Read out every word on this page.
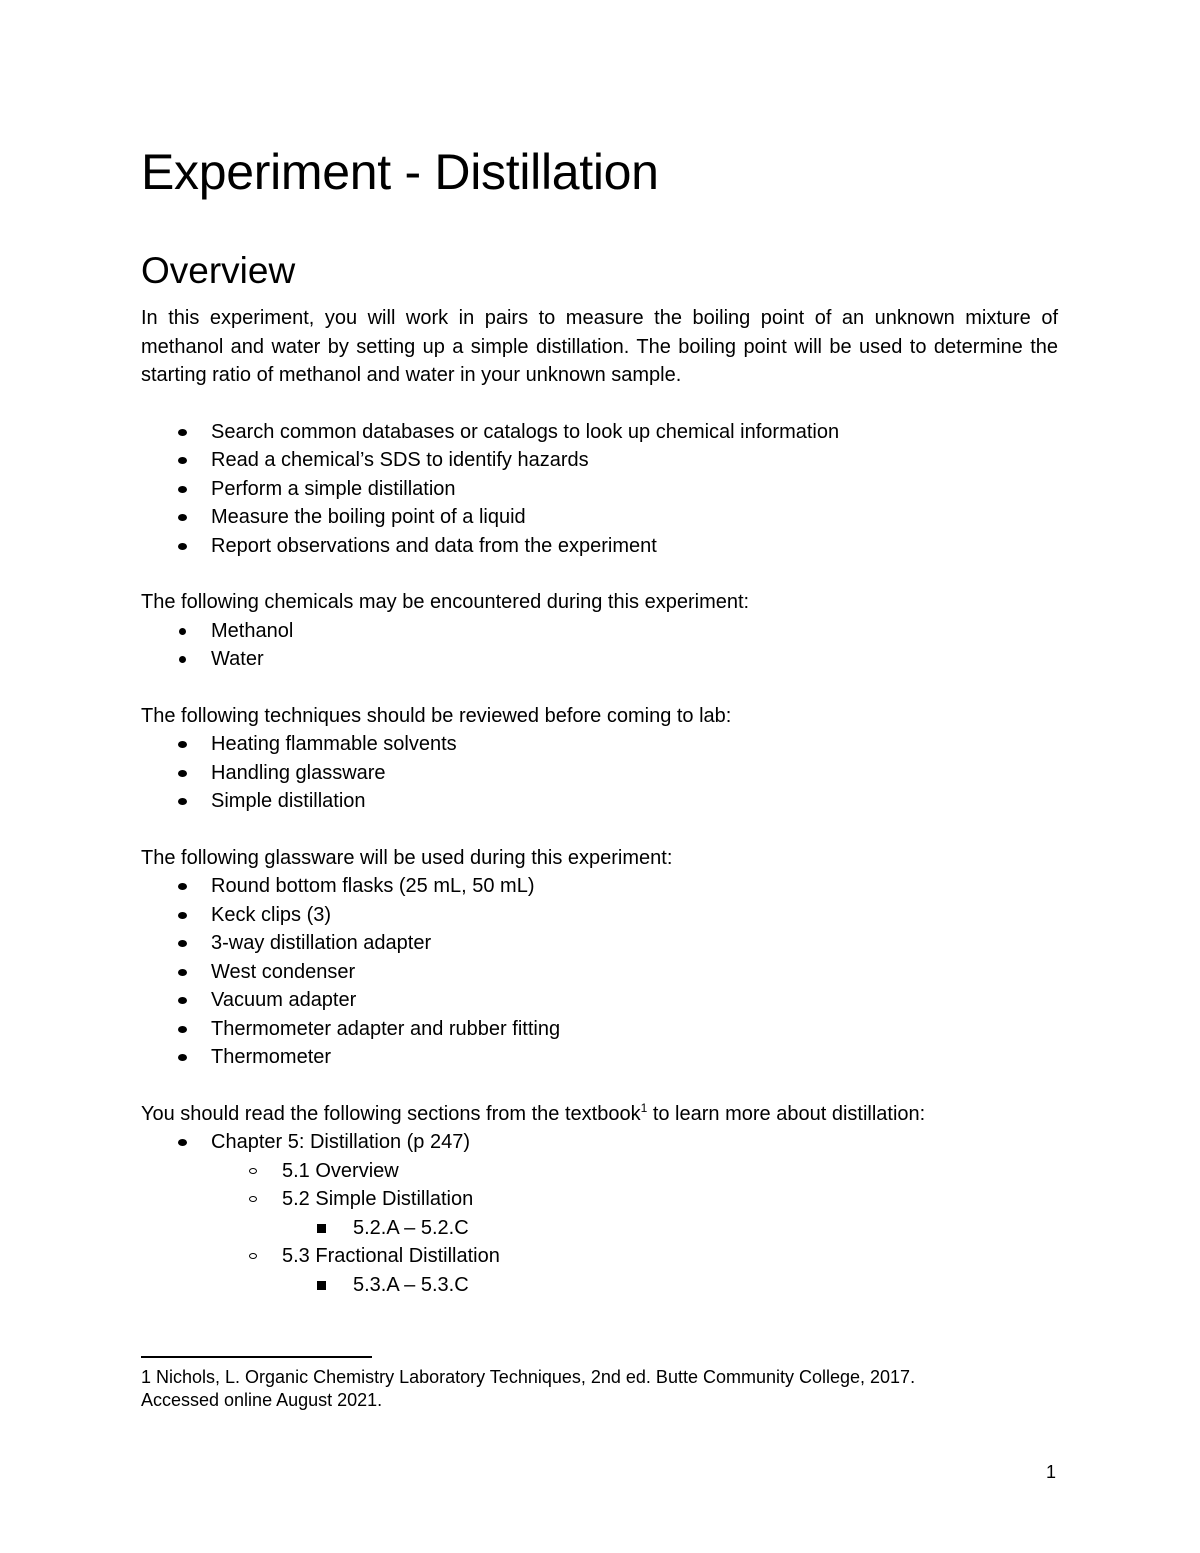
Experiment - Distillation
Overview

In this experiment, you will work in pairs to measure the boiling point of an unknown mixture of methanol and water by setting up a simple distillation. The boiling point will be used to determine the starting ratio of methanol and water in your unknown sample.

Search common databases or catalogs to look up chemical information
Read a chemical’s SDS to identify hazards
Perform a simple distillation
Measure the boiling point of a liquid
Report observations and data from the experiment

The following chemicals may be encountered during this experiment:

Methanol
Water

The following techniques should be reviewed before coming to lab:

Heating flammable solvents
Handling glassware
Simple distillation

The following glassware will be used during this experiment:

Round bottom flasks (25 mL, 50 mL)
Keck clips (3)
3-way distillation adapter
West condenser
Vacuum adapter
Thermometer adapter and rubber fitting
Thermometer

You should read the following sections from the textbook$^1$ to learn more about distillation:

Chapter 5: Distillation (p 247)
5.1 Overview
5.2 Simple Distillation
5.2.A – 5.2.C
5.3 Fractional Distillation
5.3.A – 5.3.C

1 Nichols, L. Organic Chemistry Laboratory Techniques, 2nd ed. Butte Community College, 2017.
Accessed online August 2021.

1
